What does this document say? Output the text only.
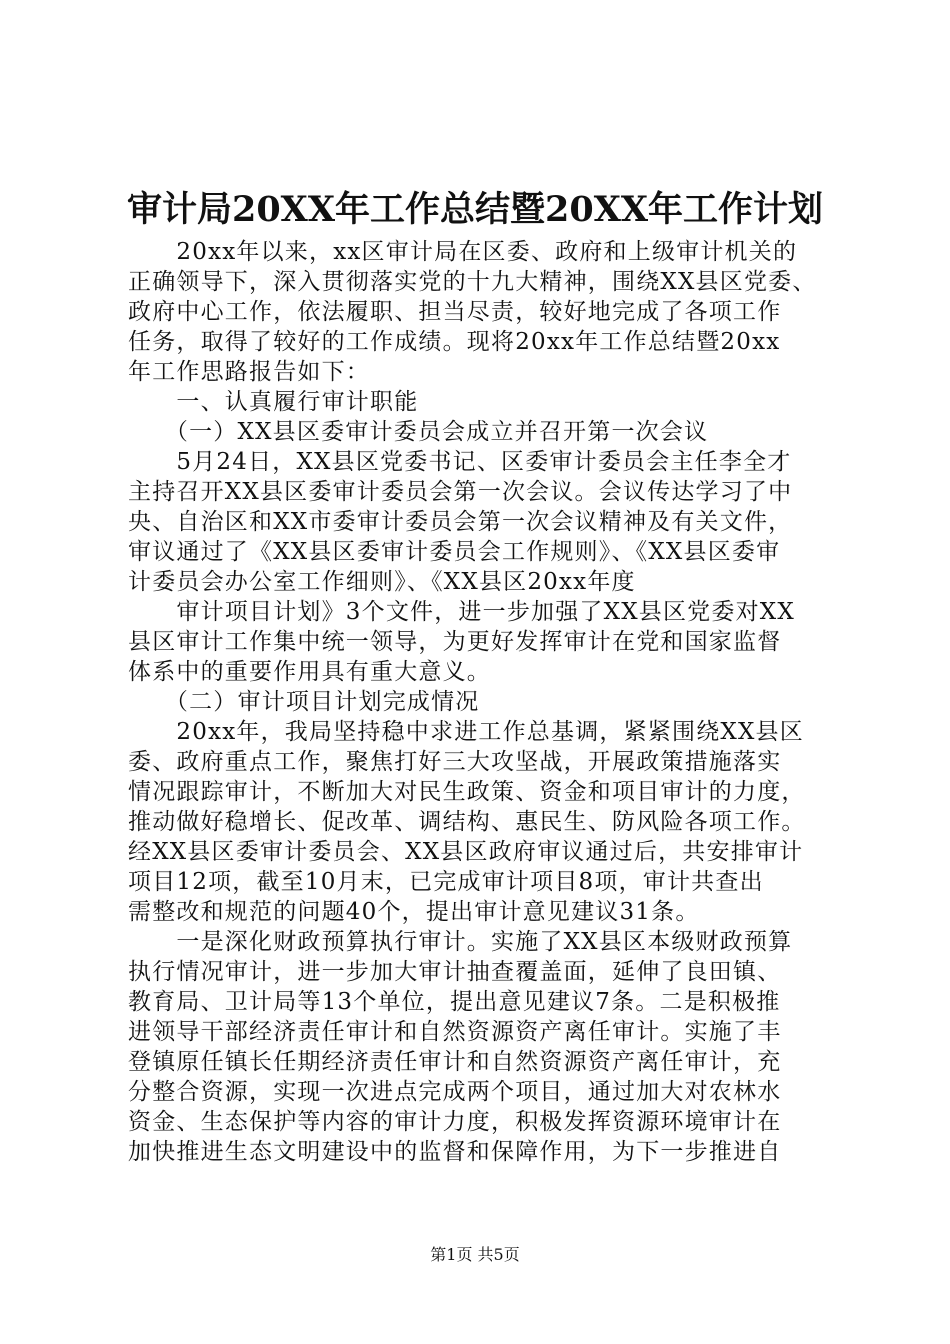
审计局20XX年工作总结暨20XX年工作计划
　　20xx年以来，xx区审计局在区委、政府和上级审计机关的
正确领导下，深入贯彻落实党的十九大精神，围绕XX县区党委、
政府中心工作，依法履职、担当尽责，较好地完成了各项工作
任务，取得了较好的工作成绩。现将20xx年工作总结暨20xx
年工作思路报告如下：
　　一、认真履行审计职能
　　（一）XX县区委审计委员会成立并召开第一次会议
　　5月24日，XX县区党委书记、区委审计委员会主任李全才
主持召开XX县区委审计委员会第一次会议。会议传达学习了中
央、自治区和XX市委审计委员会第一次会议精神及有关文件，
审议通过了《XX县区委审计委员会工作规则》、《XX县区委审
计委员会办公室工作细则》、《XX县区20xx年度
　　审计项目计划》3个文件，进一步加强了XX县区党委对XX
县区审计工作集中统一领导，为更好发挥审计在党和国家监督
体系中的重要作用具有重大意义。
　　（二）审计项目计划完成情况
　　20xx年，我局坚持稳中求进工作总基调，紧紧围绕XX县区
委、政府重点工作，聚焦打好三大攻坚战，开展政策措施落实
情况跟踪审计，不断加大对民生政策、资金和项目审计的力度，
推动做好稳增长、促改革、调结构、惠民生、防风险各项工作。
经XX县区委审计委员会、XX县区政府审议通过后，共安排审计
项目12项，截至10月末，已完成审计项目8项，审计共查出
需整改和规范的问题40个，提出审计意见建议31条。
　　一是深化财政预算执行审计。实施了XX县区本级财政预算
执行情况审计，进一步加大审计抽查覆盖面，延伸了良田镇、
教育局、卫计局等13个单位，提出意见建议7条。二是积极推
进领导干部经济责任审计和自然资源资产离任审计。实施了丰
登镇原任镇长任期经济责任审计和自然资源资产离任审计，充
分整合资源，实现一次进点完成两个项目，通过加大对农林水
资金、生态保护等内容的审计力度，积极发挥资源环境审计在
加快推进生态文明建设中的监督和保障作用，为下一步推进自
第1页 共5页
